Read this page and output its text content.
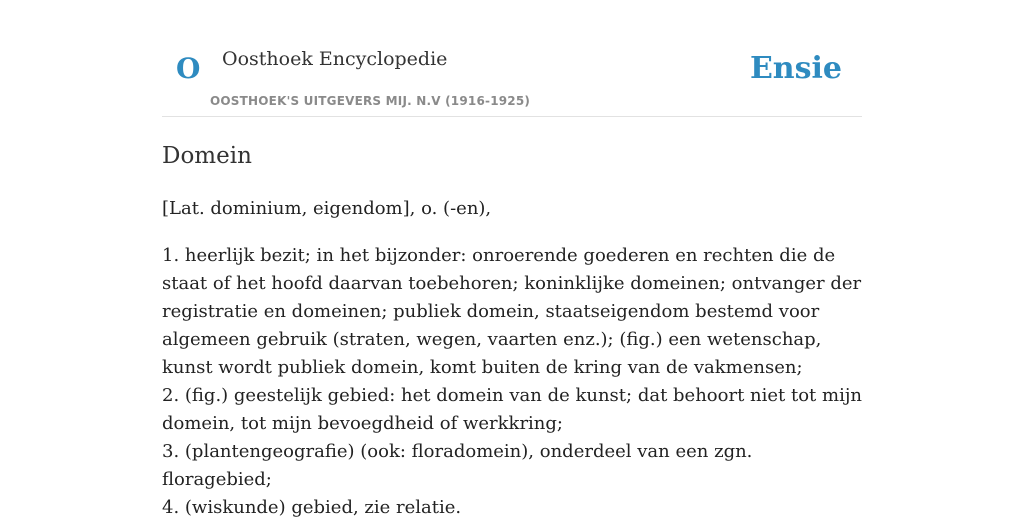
O Oosthoek Encyclopedie
OOSTHOEK'S UITGEVERS MIJ. N.V (1916-1925)
Ensie
Domein

[Lat. dominium, eigendom], o. (-en),

1. heerlijk bezit; in het bijzonder: onroerende goederen en rechten die de staat of het hoofd daarvan toebehoren; koninklijke domeinen; ontvanger der registratie en domeinen; publiek domein, staatseigendom bestemd voor algemeen gebruik (straten, wegen, vaarten enz.); (fig.) een wetenschap, kunst wordt publiek domein, komt buiten de kring van de vakmensen;

2. (fig.) geestelijk gebied: het domein van de kunst; dat behoort niet tot mijn domein, tot mijn bevoegdheid of werkkring;

3. (plantengeografie) (ook: floradomein), onderdeel van een zgn. floragebied;

4. (wiskunde) gebied, zie relatie.
